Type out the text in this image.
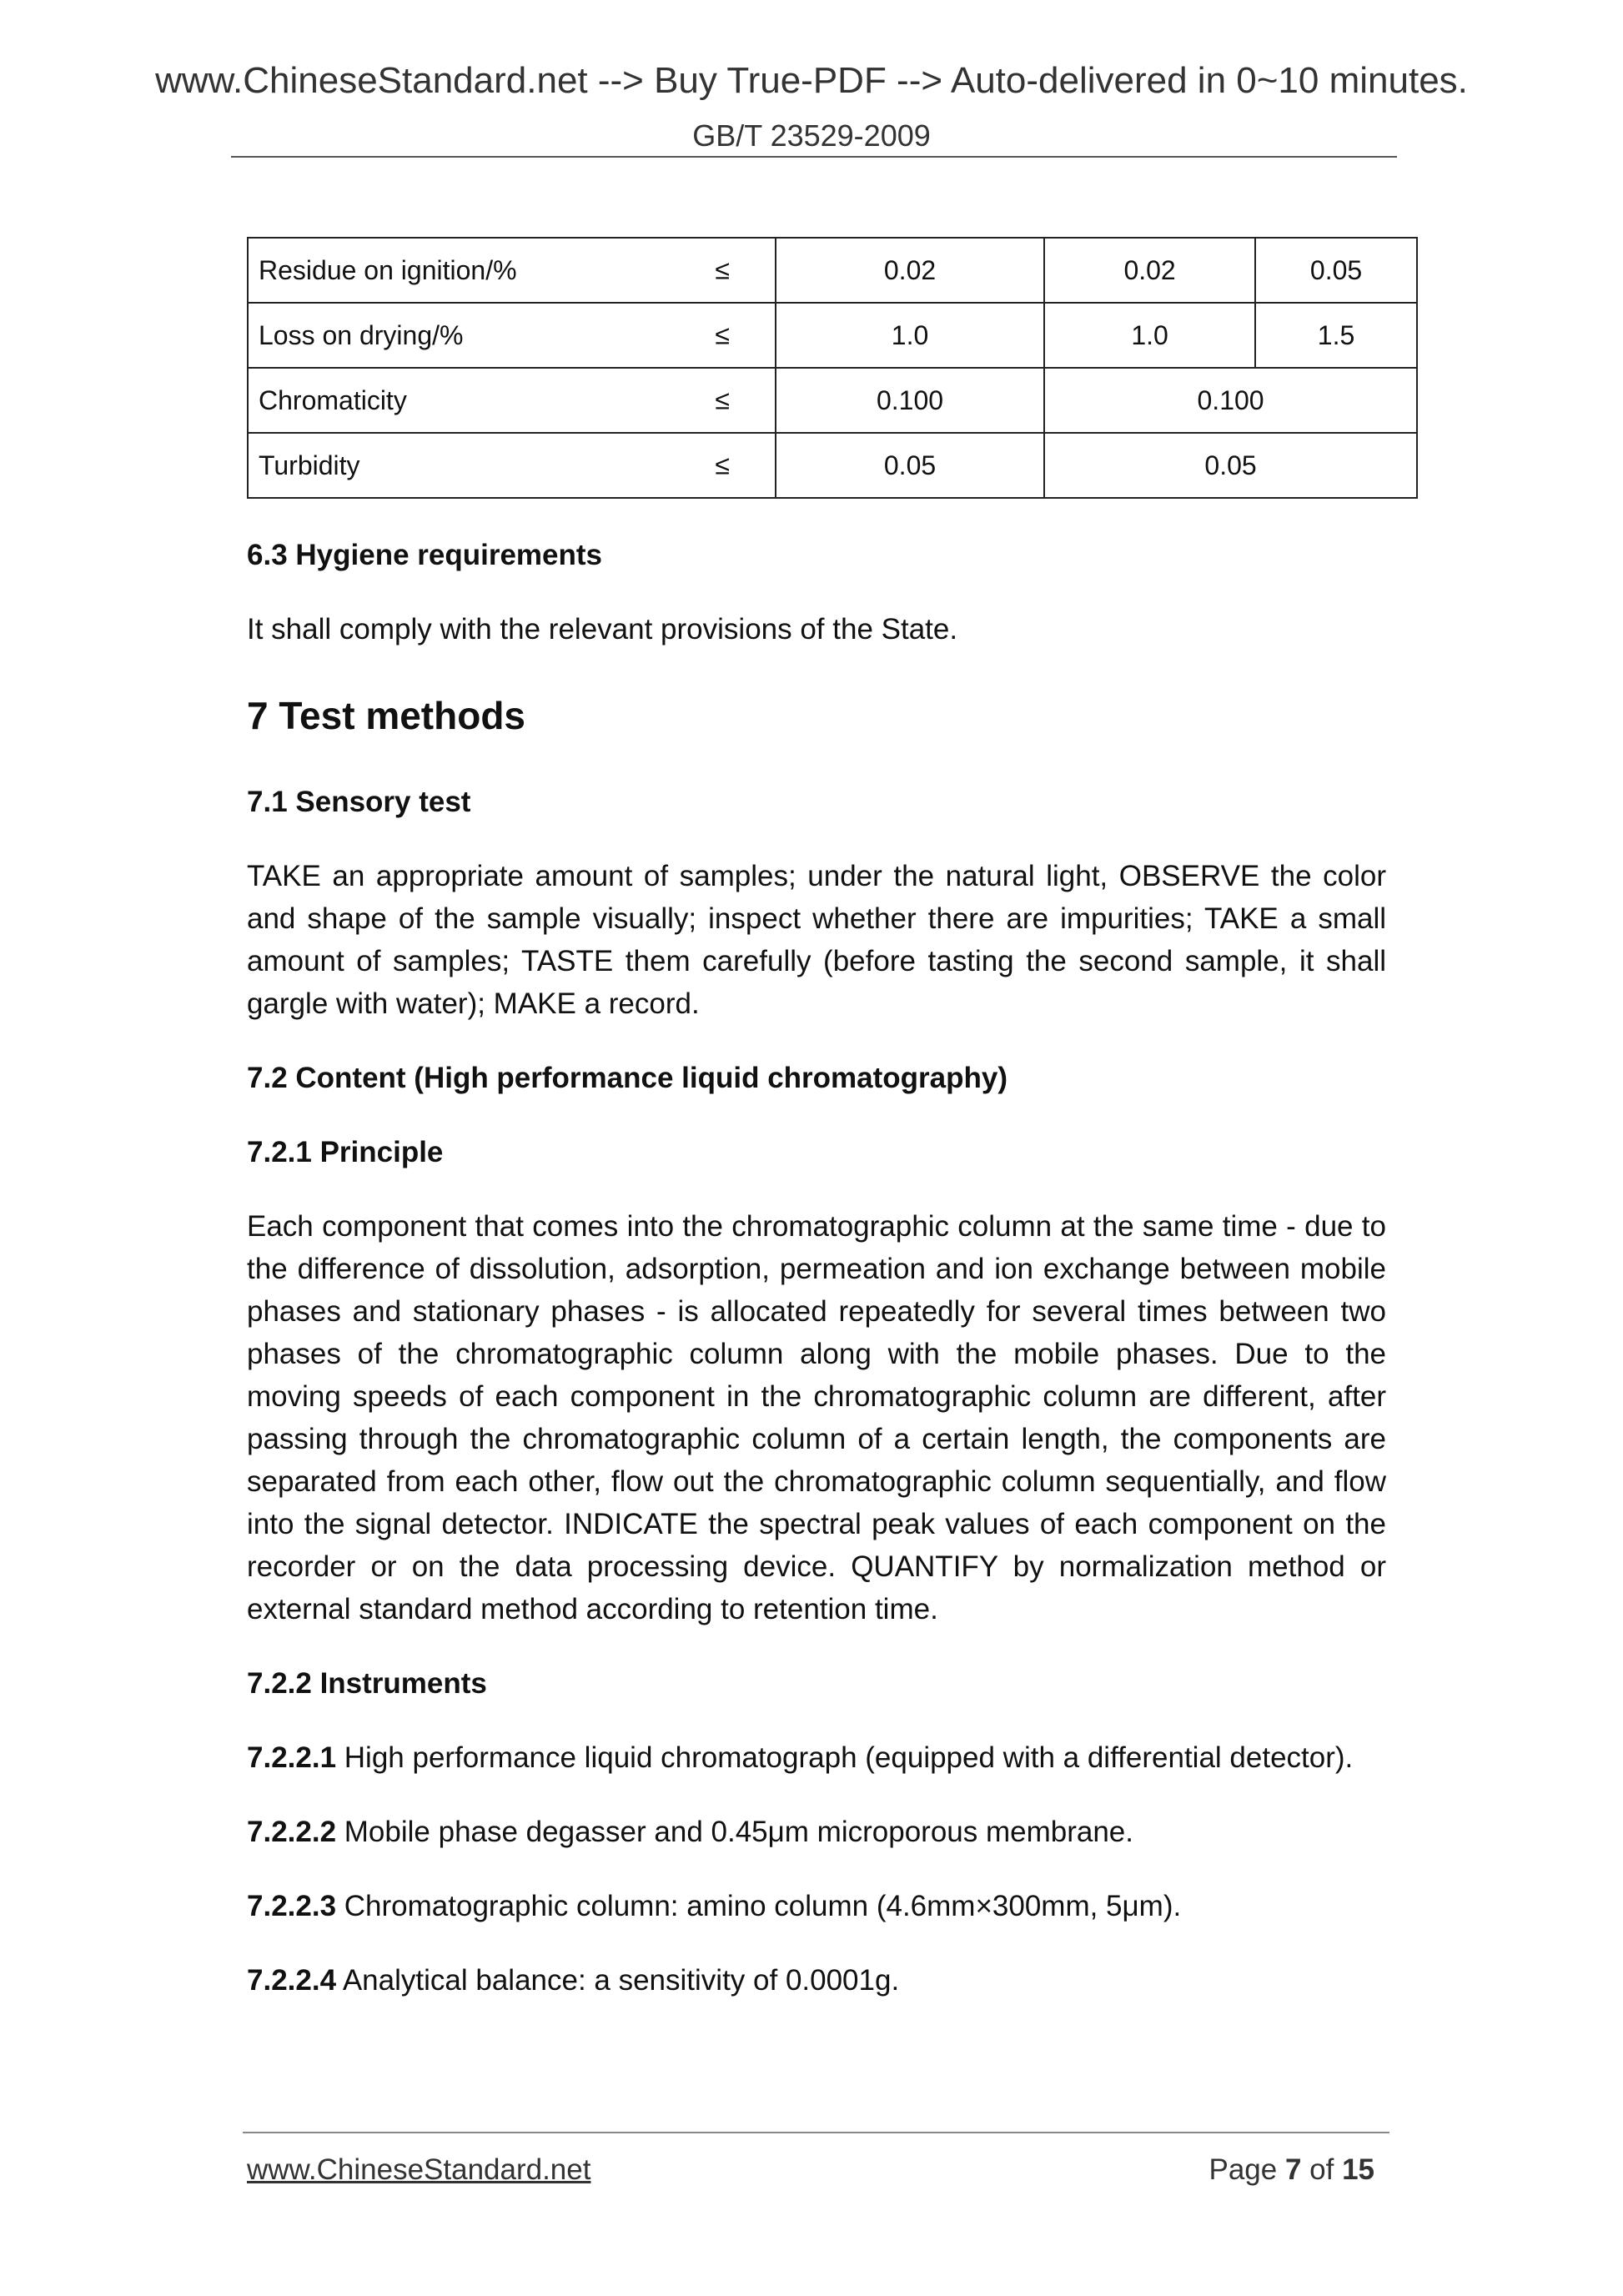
www.ChineseStandard.net --> Buy True-PDF --> Auto-delivered in 0~10 minutes.
GB/T 23529-2009
Residue on ignition/% ≤	0.02	0.02	0.05
Loss on drying/% ≤	1.0	1.0	1.5
Chromaticity ≤	0.100	0.100	
Turbidity ≤	0.05	0.05	

6.3 Hygiene requirements

It shall comply with the relevant provisions of the State.

7 Test methods

7.1 Sensory test

TAKE an appropriate amount of samples; under the natural light, OBSERVE the color and shape of the sample visually; inspect whether there are impurities; TAKE a small amount of samples; TASTE them carefully (before tasting the second sample, it shall gargle with water); MAKE a record.

7.2 Content (High performance liquid chromatography)

7.2.1 Principle

Each component that comes into the chromatographic column at the same time - due to the difference of dissolution, adsorption, permeation and ion exchange between mobile phases and stationary phases - is allocated repeatedly for several times between two phases of the chromatographic column along with the mobile phases. Due to the moving speeds of each component in the chromatographic column are different, after passing through the chromatographic column of a certain length, the components are separated from each other, flow out the chromatographic column sequentially, and flow into the signal detector. INDICATE the spectral peak values of each component on the recorder or on the data processing device. QUANTIFY by normalization method or external standard method according to retention time.

7.2.2 Instruments

7.2.2.1 High performance liquid chromatograph (equipped with a differential detector).

7.2.2.2 Mobile phase degasser and 0.45μm microporous membrane.

7.2.2.3 Chromatographic column: amino column (4.6mm×300mm, 5μm).

7.2.2.4 Analytical balance: a sensitivity of 0.0001g.

www.ChineseStandard.net	Page 7 of 15
